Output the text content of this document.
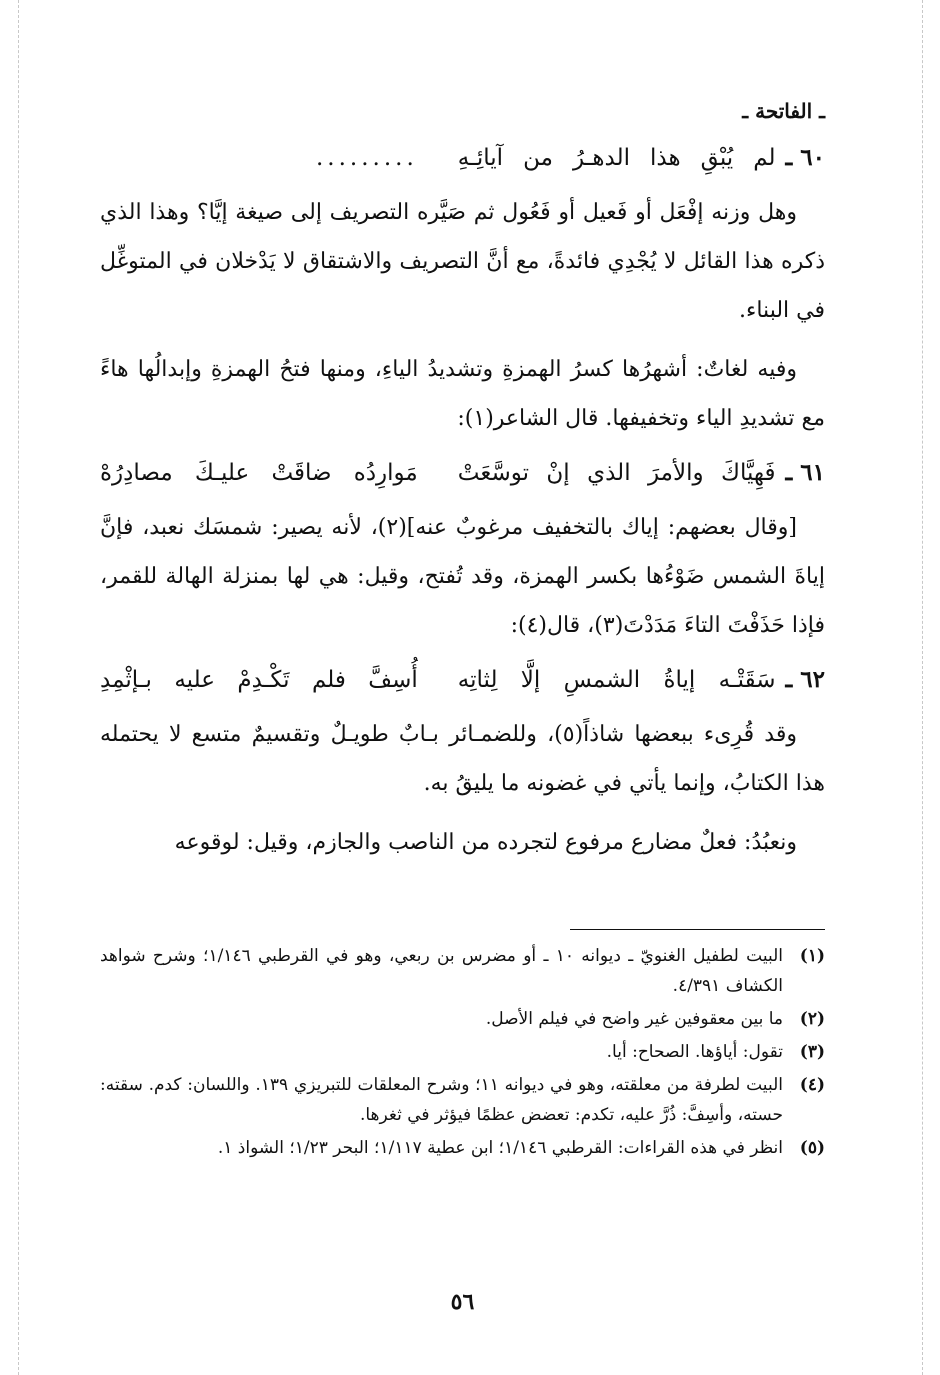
ـ الفاتحة ـ
٦٠ ـ
لم يُبْقِ هذا الدهـرُ من آيائِـهِ
.........

وهل وزنه إفْعَل أو فَعيل أو فَعُول ثم صَيَّره التصريف إلى صيغة إيَّا؟ وهذا الذي ذكره هذا القائل لا يُجْدِي فائدةً، مع أنَّ التصريف والاشتقاق لا يَدْخلان في المتوغِّل في البناء.

وفيه لغاتٌ: أشهرُها كسرُ الهمزةِ وتشديدُ الياءِ، ومنها فتحُ الهمزةِ وإبدالُها هاءً مع تشديدِ الياء وتخفيفها. قال الشاعر(١):

٦١ ـ
فَهِيَّاكَ والأمرَ الذي إنْ توسَّعَتْ
مَوارِدُه ضاقَتْ عليـكَ مصادِرُهْ

[وقال بعضهم: إياك بالتخفيف مرغوبٌ عنه](٢)، لأنه يصير: شمسَك نعبد، فإنَّ إياةَ الشمس ضَوْءُها بكسر الهمزة، وقد تُفتح، وقيل: هي لها بمنزلة الهالة للقمر، فإذا حَذَفْتَ التاءَ مَدَدْتَ(٣)، قال(٤):

٦٢ ـ
سَقَتْـه إياةُ الشمسِ إلَّا لِثاتِه
أُسِفَّ فلم تَكْـدِمْ عليه بـإثْمِدِ

وقد قُرِىء ببعضها شاذاً(٥)، وللضمـائر بـابٌ طويـلٌ وتقسيمٌ متسع لا يحتمله هذا الكتابُ، وإنما يأتي في غضونه ما يليقُ به.

ونعبُدُ: فعلٌ مضارع مرفوع لتجرده من الناصب والجازم، وقيل: لوقوعه

(١)
البيت لطفيل الغنويّ ـ ديوانه ١٠ ـ أو مضرس بن ربعي، وهو في القرطبي ١/١٤٦؛ وشرح شواهد الكشاف ٤/٣٩١.
(٢)
ما بين معقوفين غير واضح في فيلم الأصل.
(٣)
تقول: أياؤها. الصحاح: أيا.
(٤)
البيت لطرفة من معلقته، وهو في ديوانه ١١؛ وشرح المعلقات للتبريزي ١٣٩. واللسان: كدم. سقته: حسته، وأسِفَّ: ذُرَّ عليه، تكدم: تعضض عظمًا فيؤثر في ثغرها.
(٥)
انظر في هذه القراءات: القرطبي ١/١٤٦؛ ابن عطية ١/١١٧؛ البحر ١/٢٣؛ الشواذ ١.
٥٦
